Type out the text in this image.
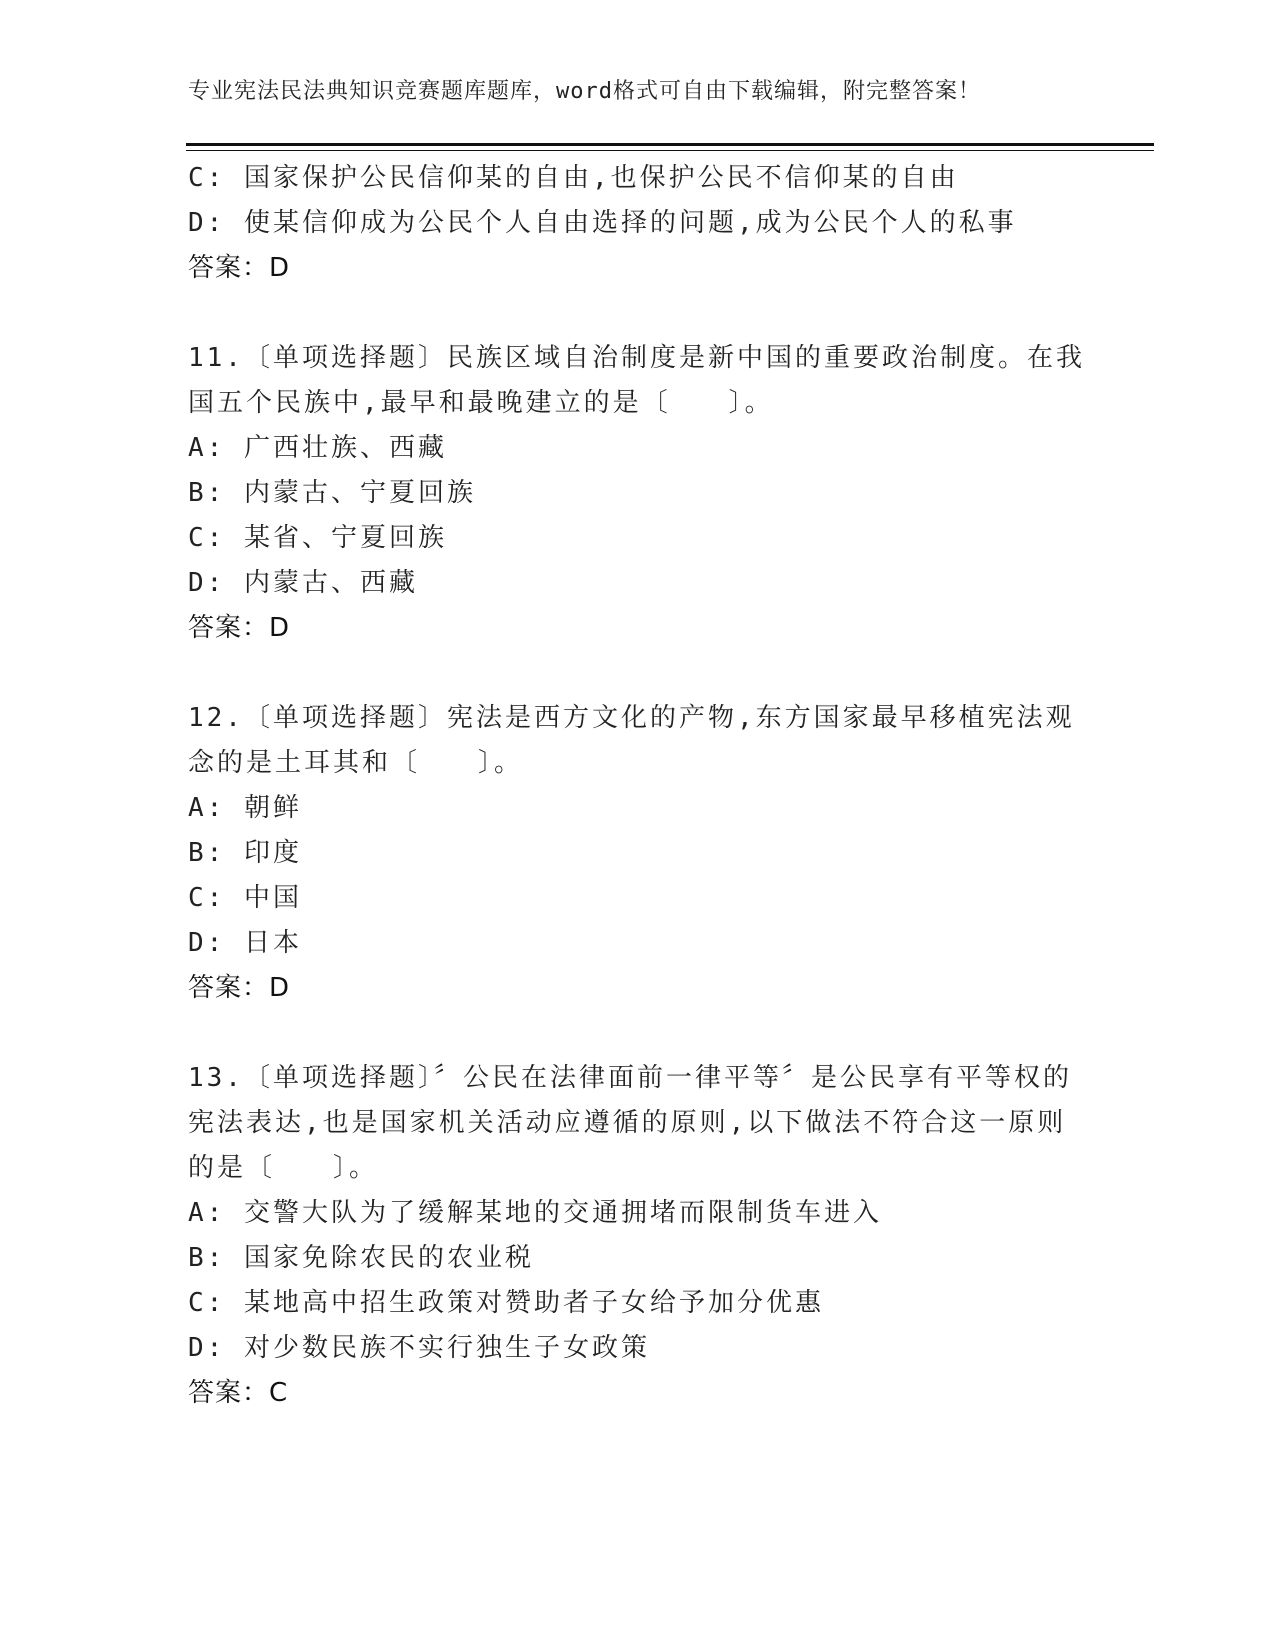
专业宪法民法典知识竞赛题库题库，word格式可自由下载编辑，附完整答案！
C: 国家保护公民信仰某的自由,也保护公民不信仰某的自由
D: 使某信仰成为公民个人自由选择的问题,成为公民个人的私事
答案：D
11.〔单项选择题〕民族区域自治制度是新中国的重要政治制度。在我
国五个民族中,最早和最晚建立的是〔　　〕。
A: 广西壮族、西藏
B: 内蒙古、宁夏回族
C: 某省、宁夏回族
D: 内蒙古、西藏
答案：D
12.〔单项选择题〕宪法是西方文化的产物,东方国家最早移植宪法观
念的是土耳其和〔　　〕。
A: 朝鲜
B: 印度
C: 中国
D: 日本
答案：D
13.〔单项选择题〕〞公民在法律面前一律平等〞是公民享有平等权的
宪法表达,也是国家机关活动应遵循的原则,以下做法不符合这一原则
的是〔　　〕。
A: 交警大队为了缓解某地的交通拥堵而限制货车进入
B: 国家免除农民的农业税
C: 某地高中招生政策对赞助者子女给予加分优惠
D: 对少数民族不实行独生子女政策
答案：C
